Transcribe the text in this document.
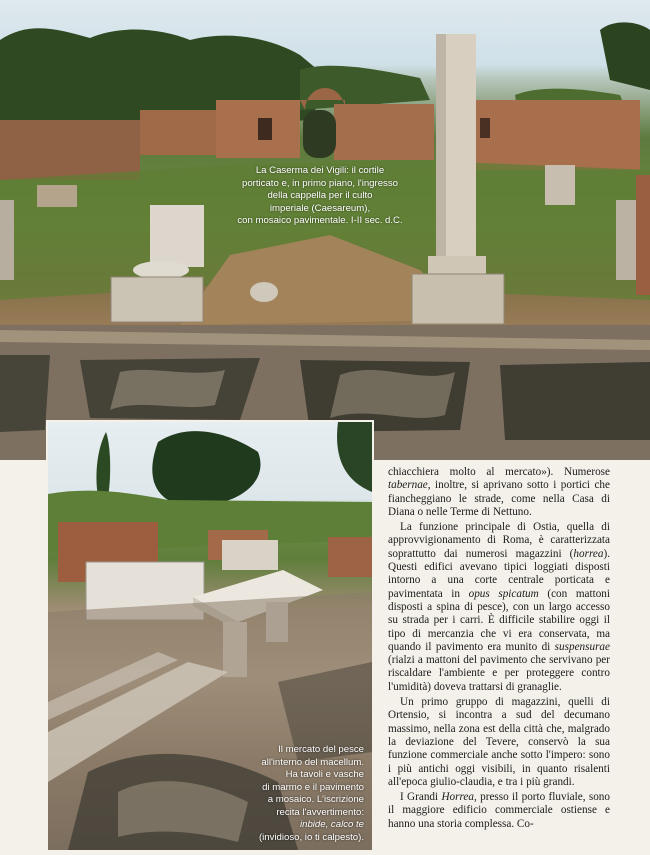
La Caserma dei Vigili: il cortile
porticato e, in primo piano, l'ingresso
della cappella per il culto
imperiale (Caesareum),
con mosaico pavimentale. I-II sec. d.C.
Il mercato del pesce
all'interno del macellum.
Ha tavoli e vasche
di marmo e il pavimento
a mosaico. L'iscrizione
recita l'avvertimento:
inbide, calco te
(invidioso, io ti calpesto).

chiacchiera molto al mercato»). Numerose tabernae, inoltre, si aprivano sotto i portici che fiancheggiano le strade, come nella Casa di Diana o nelle Terme di Nettuno.

La funzione principale di Ostia, quella di approvvigionamento di Roma, è caratterizzata soprattutto dai numerosi magazzini (horrea). Questi edifici avevano tipici loggiati disposti intorno a una corte centrale porticata e pavimentata in opus spicatum (con mattoni disposti a spina di pesce), con un largo accesso su strada per i carri. È difficile stabilire oggi il tipo di mercanzia che vi era conservata, ma quando il pavimento era munito di suspensurae (rialzi a mattoni del pavimento che servivano per riscaldare l'ambiente e per proteggere contro l'umidità) doveva trattarsi di granaglie.

Un primo gruppo di magazzini, quelli di Ortensio, si incontra a sud del decumano massimo, nella zona est della città che, malgrado la deviazione del Tevere, conservò la sua funzione commerciale anche sotto l'impero: sono i più antichi oggi visibili, in quanto risalenti all'epoca giulio-claudia, e tra i più grandi.

I Grandi Horrea, presso il porto fluviale, sono il maggiore edificio commerciale ostiense e hanno una storia complessa. Co-
